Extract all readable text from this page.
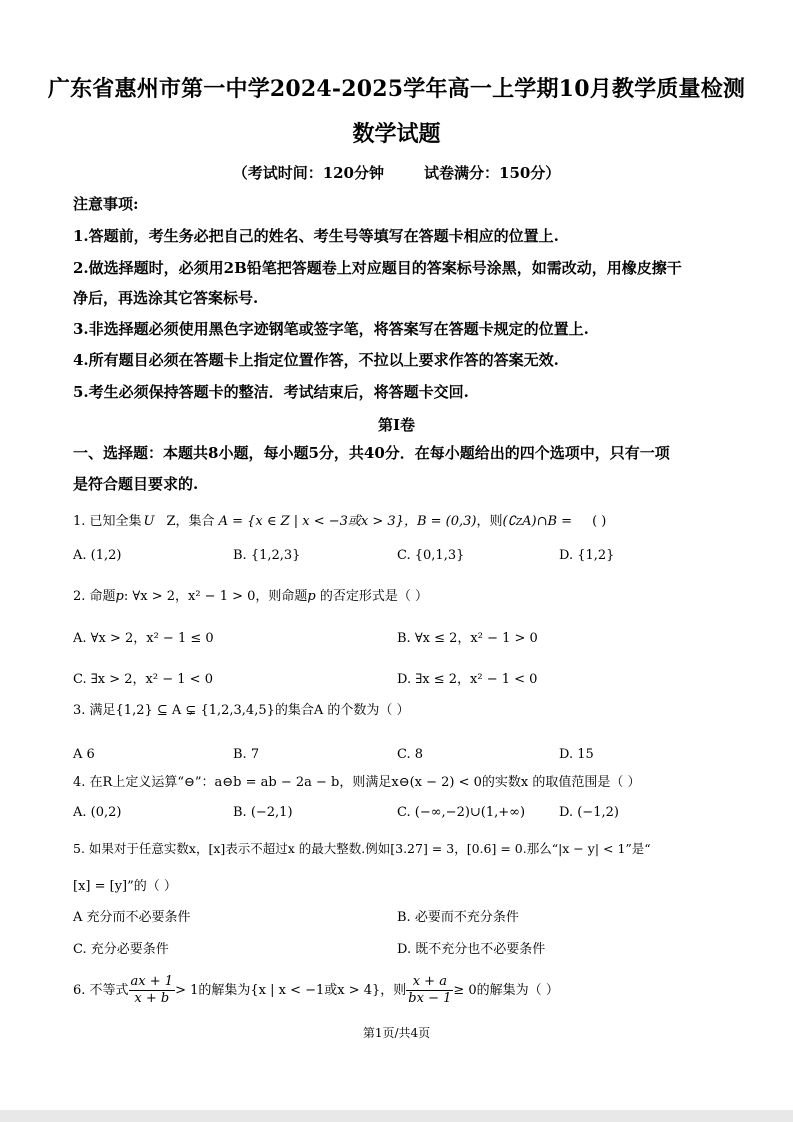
广东省惠州市第一中学2024-2025学年高一上学期10月教学质量检测
数学试题
（考试时间：120分钟	试卷满分：150分）
注意事项:
1.答题前，考生务必把自己的姓名、考生号等填写在答题卡相应的位置上.
2.做选择题时，必须用2B铅笔把答题卷上对应题目的答案标号涂黑，如需改动，用橡皮擦干
净后，再选涂其它答案标号.
3.非选择题必须使用黑色字迹钢笔或签字笔，将答案写在答题卡规定的位置上.
4.所有题目必须在答题卡上指定位置作答，不拉以上要求作答的答案无效.
5.考生必须保持答题卡的整洁．考试结束后，将答题卡交回.
第I卷
一、选择题：本题共8小题，每小题5分，共40分．在每小题给出的四个选项中，只有一项
是符合题目要求的.
1. 已知全集 U Z，集合 A = {x ∈ Z | x < −3或x > 3}，B = (0,3)，则(∁ZA)∩B = ( )
A. (1,2)	B. {1,2,3}	C. {0,1,3}	D. {1,2}
2. 命题p: ∀x > 2，x² − 1 > 0，则命题p 的否定形式是（ ）
A. ∀x > 2，x² − 1 ≤ 0	B. ∀x ≤ 2，x² − 1 > 0
C. ∃x > 2，x² − 1 < 0	D. ∃x ≤ 2，x² − 1 < 0
3. 满足{1,2} ⊆ A ⊊ {1,2,3,4,5}的集合A 的个数为（ ）
A 6	B. 7	C. 8	D. 15
4. 在R上定义运算“⊖”：a⊖b = ab − 2a − b，则满足x⊖(x − 2) < 0的实数x 的取值范围是（ ）
A. (0,2)	B. (−2,1)	C. (−∞,−2)∪(1,+∞)	D. (−1,2)
5. 如果对于任意实数x，[x]表示不超过x 的最大整数.例如[3.27] = 3，[0.6] = 0.那么“|x − y| < 1”是“
[x] = [y]”的（ ）
A 充分而不必要条件	B. 必要而不充分条件
C. 充分必要条件	D. 既不充分也不必要条件
6. 不等式 $\frac{ax + 1}{x + b} > 1$的解集为{x | x < −1或x > 4}，则 $\frac{x + a}{bx - 1} \ge 0$的解集为（ ）
第1页/共4页
